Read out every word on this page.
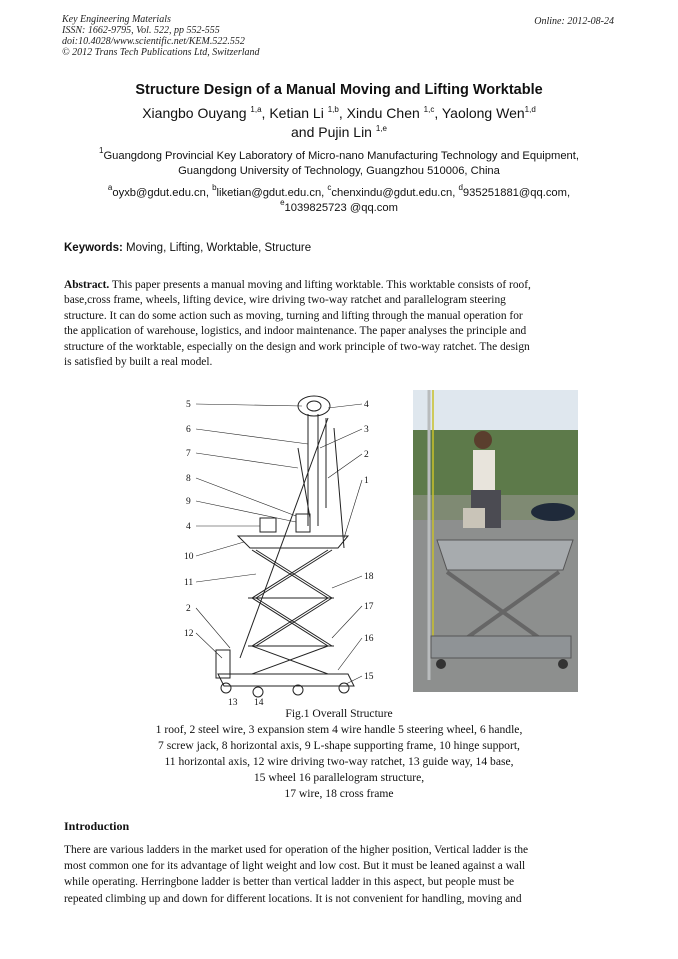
Key Engineering Materials
ISSN: 1662-9795, Vol. 522, pp 552-555
doi:10.4028/www.scientific.net/KEM.522.552
© 2012 Trans Tech Publications Ltd, Switzerland
Online: 2012-08-24
Structure Design of a Manual Moving and Lifting Worktable
Xiangbo Ouyang $^{1,a}$, Ketian Li $^{1,b}$, Xindu Chen $^{1,c}$, Yaolong Wen$^{1,d}$
and Pujin Lin $^{1,e}$
$^1$Guangdong Provincial Key Laboratory of Micro-nano Manufacturing Technology and Equipment,
Guangdong University of Technology, Guangzhou 510006, China
$^a$oyxb@gdut.edu.cn, $^b$liketian@gdut.edu.cn, $^c$chenxindu@gdut.edu.cn, $^d$935251881@qq.com,
$^e$1039825723 @qq.com
Keywords: Moving, Lifting, Worktable, Structure
Abstract. This paper presents a manual moving and lifting worktable. This worktable consists of roof,
base,cross frame, wheels, lifting device, wire driving two-way ratchet and parallelogram steering
structure. It can do some action such as moving, turning and lifting through the manual operation for
the application of warehouse, logistics, and indoor maintenance. The paper analyses the principle and
structure of the worktable, especially on the design and work principle of two-way ratchet. The design
is satisfied by built a real model.
5
6
7
8
9
4
10
11
2
12
4
3
2
1
18
17
16
15
13 14
Fig.1 Overall Structure
1 roof, 2 steel wire, 3 expansion stem 4 wire handle 5 steering wheel, 6 handle,
7 screw jack, 8 horizontal axis, 9 L-shape supporting frame, 10 hinge support,
11 horizontal axis, 12 wire driving two-way ratchet, 13 guide way, 14 base,
15 wheel 16 parallelogram structure,
17 wire, 18 cross frame
Introduction
There are various ladders in the market used for operation of the higher position, Vertical ladder is the
most common one for its advantage of light weight and low cost. But it must be leaned against a wall
while operating. Herringbone ladder is better than vertical ladder in this aspect, but people must be
repeated climbing up and down for different locations. It is not convenient for handling, moving and
